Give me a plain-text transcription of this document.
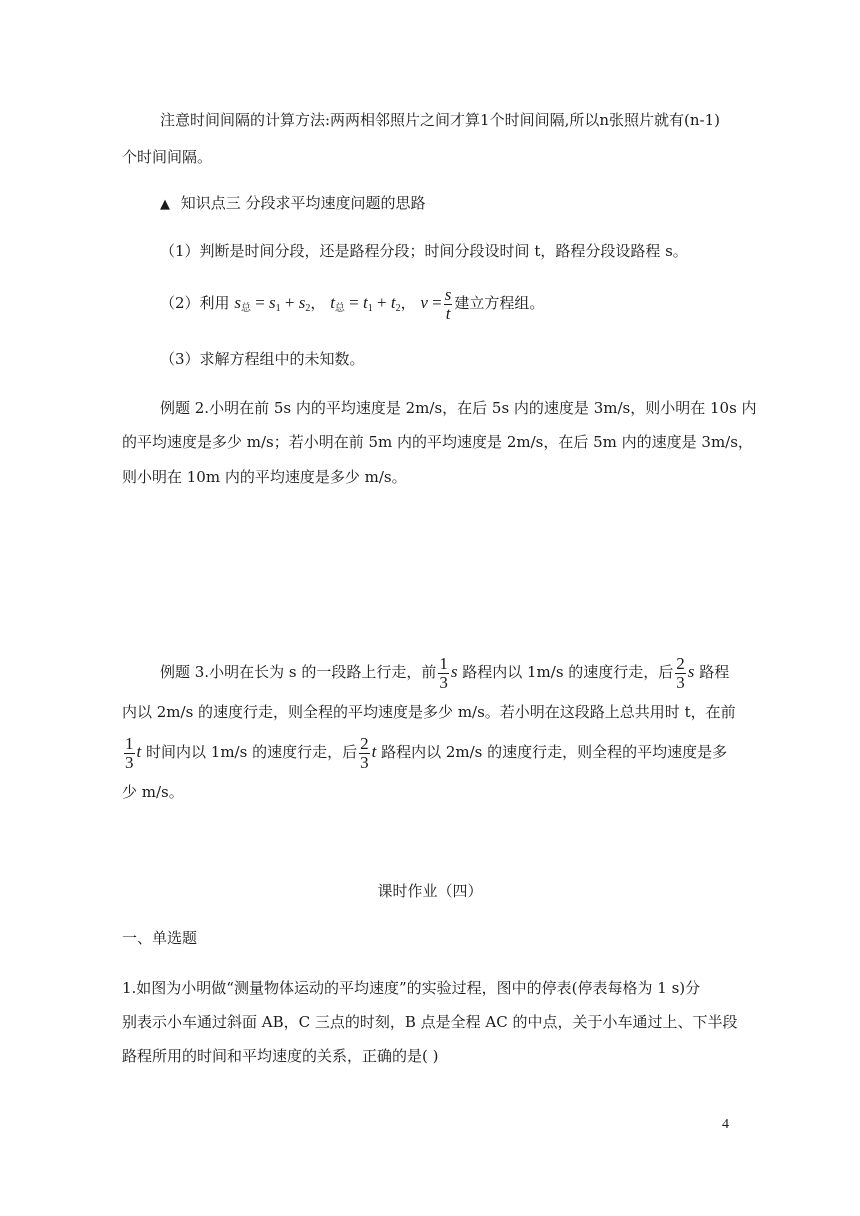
注意时间间隔的计算方法:两两相邻照片之间才算1个时间间隔,所以n张照片就有(n-1)
个时间间隔。
▲ 知识点三 分段求平均速度问题的思路
（1）判断是时间分段，还是路程分段；时间分段设时间 t，路程分段设路程 s。
（2）利用 $s_总 = s_1 + s_2$， $t_总 = t_1 + t_2$， $v = \frac{s}{t}$ 建立方程组。
（3）求解方程组中的未知数。
例题 2.小明在前 5s 内的平均速度是 2m/s，在后 5s 内的速度是 3m/s，则小明在 10s 内
的平均速度是多少 m/s；若小明在前 5m 内的平均速度是 2m/s，在后 5m 内的速度是 3m/s，
则小明在 10m 内的平均速度是多少 m/s。
例题 3.小明在长为 s 的一段路上行走，前 $\frac{1}{3}$ s 路程内以 1m/s 的速度行走，后 $\frac{2}{3}$ s 路程
内以 2m/s 的速度行走，则全程的平均速度是多少 m/s。若小明在这段路上总共用时 t，在前
$\frac{1}{3}$ t 时间内以 1m/s 的速度行走，后 $\frac{2}{3}$ t 路程内以 2m/s 的速度行走，则全程的平均速度是多
少 m/s。
课时作业（四）
一、单选题
1.如图为小明做“测量物体运动的平均速度”的实验过程，图中的停表(停表每格为 1 s)分
别表示小车通过斜面 AB，C 三点的时刻，B 点是全程 AC 的中点，关于小车通过上、下半段
路程所用的时间和平均速度的关系，正确的是( )
4
